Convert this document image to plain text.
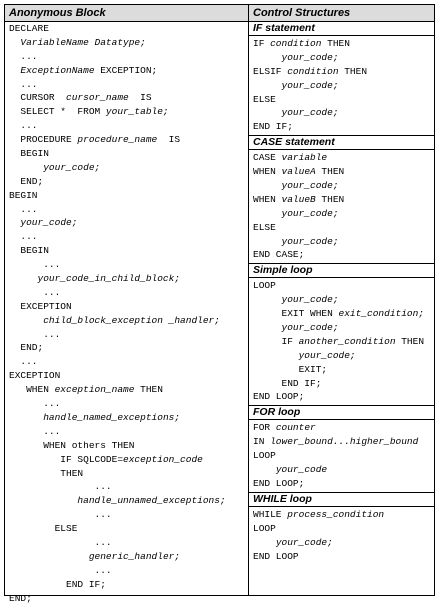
Anonymous Block
DECLARE
VariableName Datatype;
...
ExceptionName EXCEPTION;
...
CURSOR  cursor_name  IS
SELECT *  FROM your_table;
...
PROCEDURE procedure_name  IS
BEGIN
your_code;
END;
BEGIN
...
your_code;
...
BEGIN
...
your_code_in_child_block;
...
EXCEPTION
child_block_exception _handler;
...
END;
...
EXCEPTION
WHEN exception_name THEN
...
handle_named_exceptions;
...
WHEN others THEN
IF SQLCODE=exception_code
THEN
...
handle_unnamed_exceptions;
...
ELSE
...
generic_handler;
...
END IF;
END;
Control Structures
IF statement
IF condition THEN
your_code;
ELSIF condition THEN
your_code;
ELSE
your_code;
END IF;
CASE statement
CASE variable
WHEN valueA THEN
your_code;
WHEN valueB THEN
your_code;
ELSE
your_code;
END CASE;
Simple loop
LOOP
your_code;
EXIT WHEN exit_condition;
your_code;
IF another_condition THEN
your_code;
EXIT;
END IF;
END LOOP;
FOR loop
FOR counter
IN lower_bound...higher_bound
LOOP
your_code
END LOOP;
WHILE loop
WHILE process_condition
LOOP
your_code;
END LOOP
